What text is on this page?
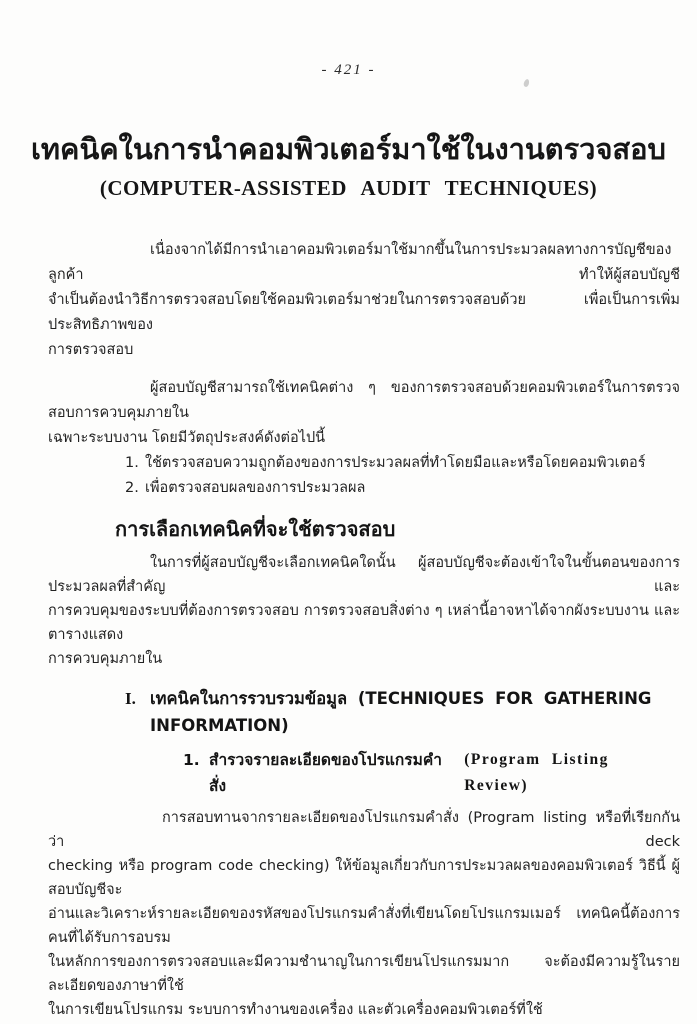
- 421 -
เทคนิคในการนำคอมพิวเตอร์มาใช้ในงานตรวจสอบ
(COMPUTER-ASSISTED AUDIT TECHNIQUES)
เนื่องจากได้มีการนำเอาคอมพิวเตอร์มาใช้มากขึ้นในการประมวลผลทางการบัญชีของลูกค้า ทำให้ผู้สอบบัญชี
จำเป็นต้องนำวิธีการตรวจสอบโดยใช้คอมพิวเตอร์มาช่วยในการตรวจสอบด้วย เพื่อเป็นการเพิ่มประสิทธิภาพของ
การตรวจสอบ
ผู้สอบบัญชีสามารถใช้เทคนิคต่าง ๆ ของการตรวจสอบด้วยคอมพิวเตอร์ในการตรวจสอบการควบคุมภายใน
เฉพาะระบบงาน โดยมีวัตถุประสงค์ดังต่อไปนี้
1. ใช้ตรวจสอบความถูกต้องของการประมวลผลที่ทำโดยมือและหรือโดยคอมพิวเตอร์
2. เพื่อตรวจสอบผลของการประมวลผล
การเลือกเทคนิคที่จะใช้ตรวจสอบ
ในการที่ผู้สอบบัญชีจะเลือกเทคนิคใดนั้น ผู้สอบบัญชีจะต้องเข้าใจในขั้นตอนของการประมวลผลที่สำคัญ และ
การควบคุมของระบบที่ต้องการตรวจสอบ การตรวจสอบสิ่งต่าง ๆ เหล่านี้อาจหาได้จากผังระบบงาน และตารางแสดง
การควบคุมภายใน
I. เทคนิคในการรวบรวมข้อมูล (TECHNIQUES FOR GATHERING
INFORMATION)
1. สำรวจรายละเอียดของโปรแกรมคำสั่ง
(Program Listing Review)
การสอบทานจากรายละเอียดของโปรแกรมคำสั่ง (Program listing หรือที่เรียกกันว่า deck
checking หรือ program code checking) ให้ข้อมูลเกี่ยวกับการประมวลผลของคอมพิวเตอร์ วิธีนี้ ผู้สอบบัญชีจะ
อ่านและวิเคราะห์รายละเอียดของรหัสของโปรแกรมคำสั่งที่เขียนโดยโปรแกรมเมอร์ เทคนิคนี้ต้องการคนที่ได้รับการอบรม
ในหลักการของการตรวจสอบและมีความชำนาญในการเขียนโปรแกรมมาก จะต้องมีความรู้ในรายละเอียดของภาษาที่ใช้
ในการเขียนโปรแกรม ระบบการทำงานของเครื่อง และตัวเครื่องคอมพิวเตอร์ที่ใช้
